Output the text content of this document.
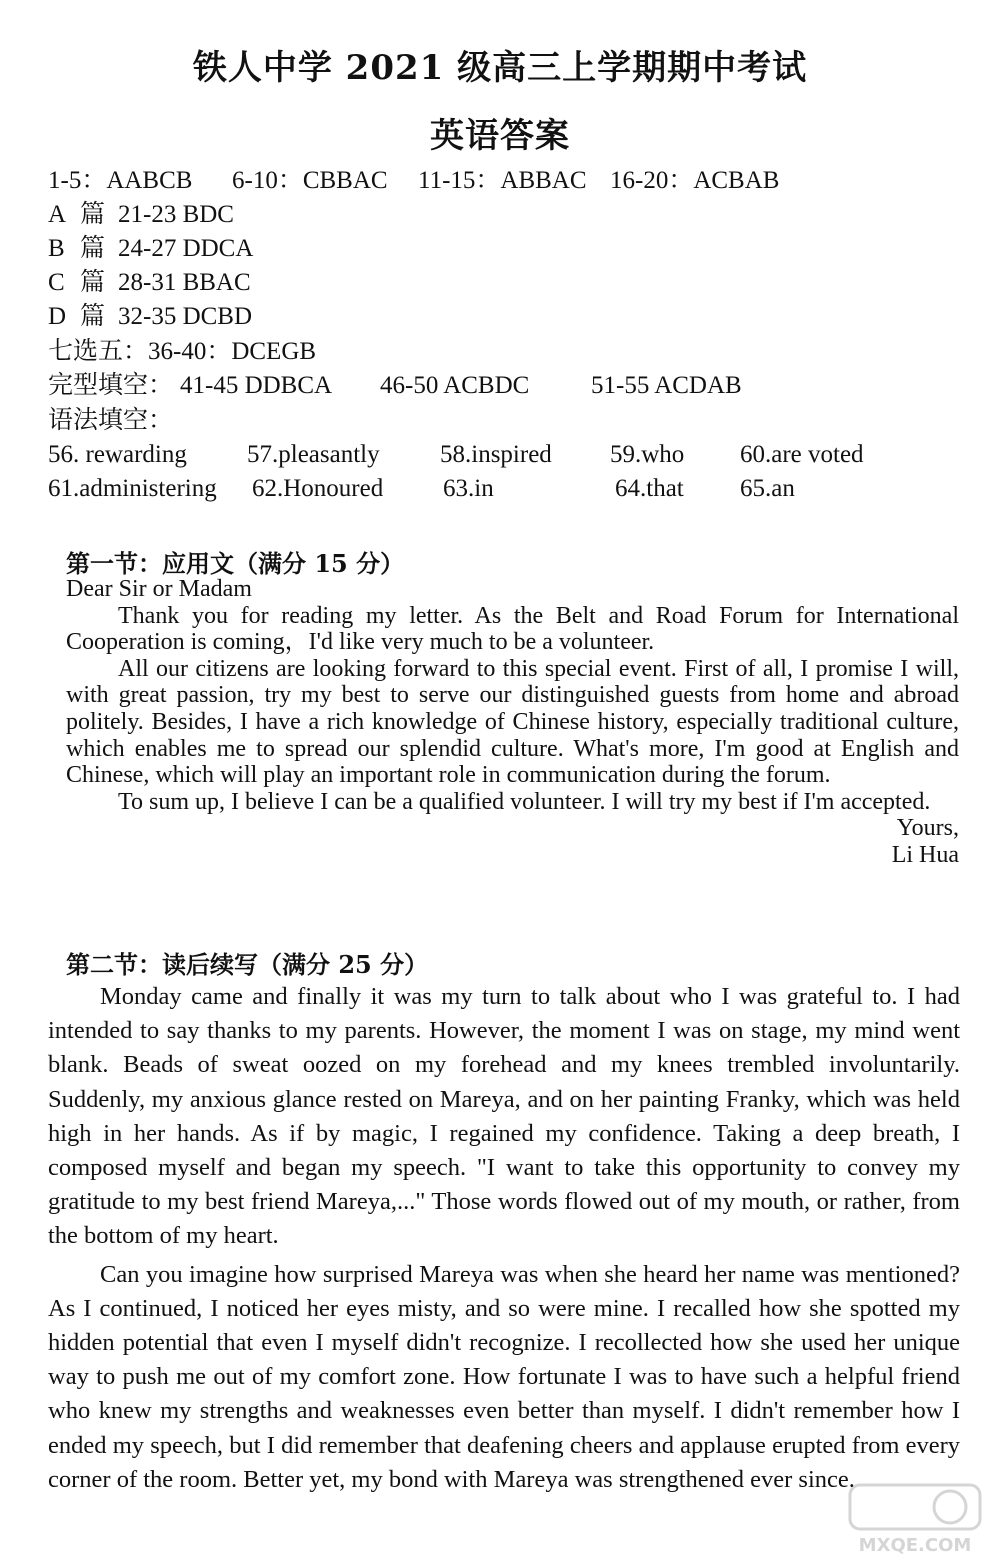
铁人中学 2021 级高三上学期期中考试
英语答案
1-5：AABCB 6-10：CBBAC 11-15：ABBAC 16-20：ACBAB
A 篇 21-23 BDC
B 篇 24-27 DDCA
C 篇 28-31 BBAC
D 篇 32-35 DCBD
七选五：36-40：DCEGB
完型填空： 41-45 DDBCA 46-50 ACBDC 51-55 ACDAB
语法填空：
56. rewarding 57.pleasantly 58.inspired 59.who 60.are voted
61.administering 62.Honoured 63.in	64.that 65.an
第一节：应用文（满分 15 分）

Dear Sir or Madam

Thank you for reading my letter. As the Belt and Road Forum for International Cooperation is coming，I'd like very much to be a volunteer.

All our citizens are looking forward to this special event. First of all, I promise I will, with great passion, try my best to serve our distinguished guests from home and abroad politely. Besides, I have a rich knowledge of Chinese history, especially traditional culture, which enables me to spread our splendid culture. What's more, I'm good at English and Chinese, which will play an important role in communication during the forum.

To sum up, I believe I can be a qualified volunteer. I will try my best if I'm accepted.

Yours,

Li Hua

第二节：读后续写（满分 25 分）

Monday came and finally it was my turn to talk about who I was grateful to. I had intended to say thanks to my parents. However, the moment I was on stage, my mind went blank. Beads of sweat oozed on my forehead and my knees trembled involuntarily. Suddenly, my anxious glance rested on Mareya, and on her painting Franky, which was held high in her hands. As if by magic, I regained my confidence. Taking a deep breath, I composed myself and began my speech. "I want to take this opportunity to convey my gratitude to my best friend Mareya,..." Those words flowed out of my mouth, or rather, from the bottom of my heart.

Can you imagine how surprised Mareya was when she heard her name was mentioned? As I continued, I noticed her eyes misty, and so were mine. I recalled how she spotted my hidden potential that even I myself didn't recognize. I recollected how she used her unique way to push me out of my comfort zone. How fortunate I was to have such a helpful friend who knew my strengths and weaknesses even better than myself. I didn't remember how I ended my speech, but I did remember that deafening cheers and applause erupted from every corner of the room. Better yet, my bond with Mareya was strengthened ever since.

MXQE.COM
